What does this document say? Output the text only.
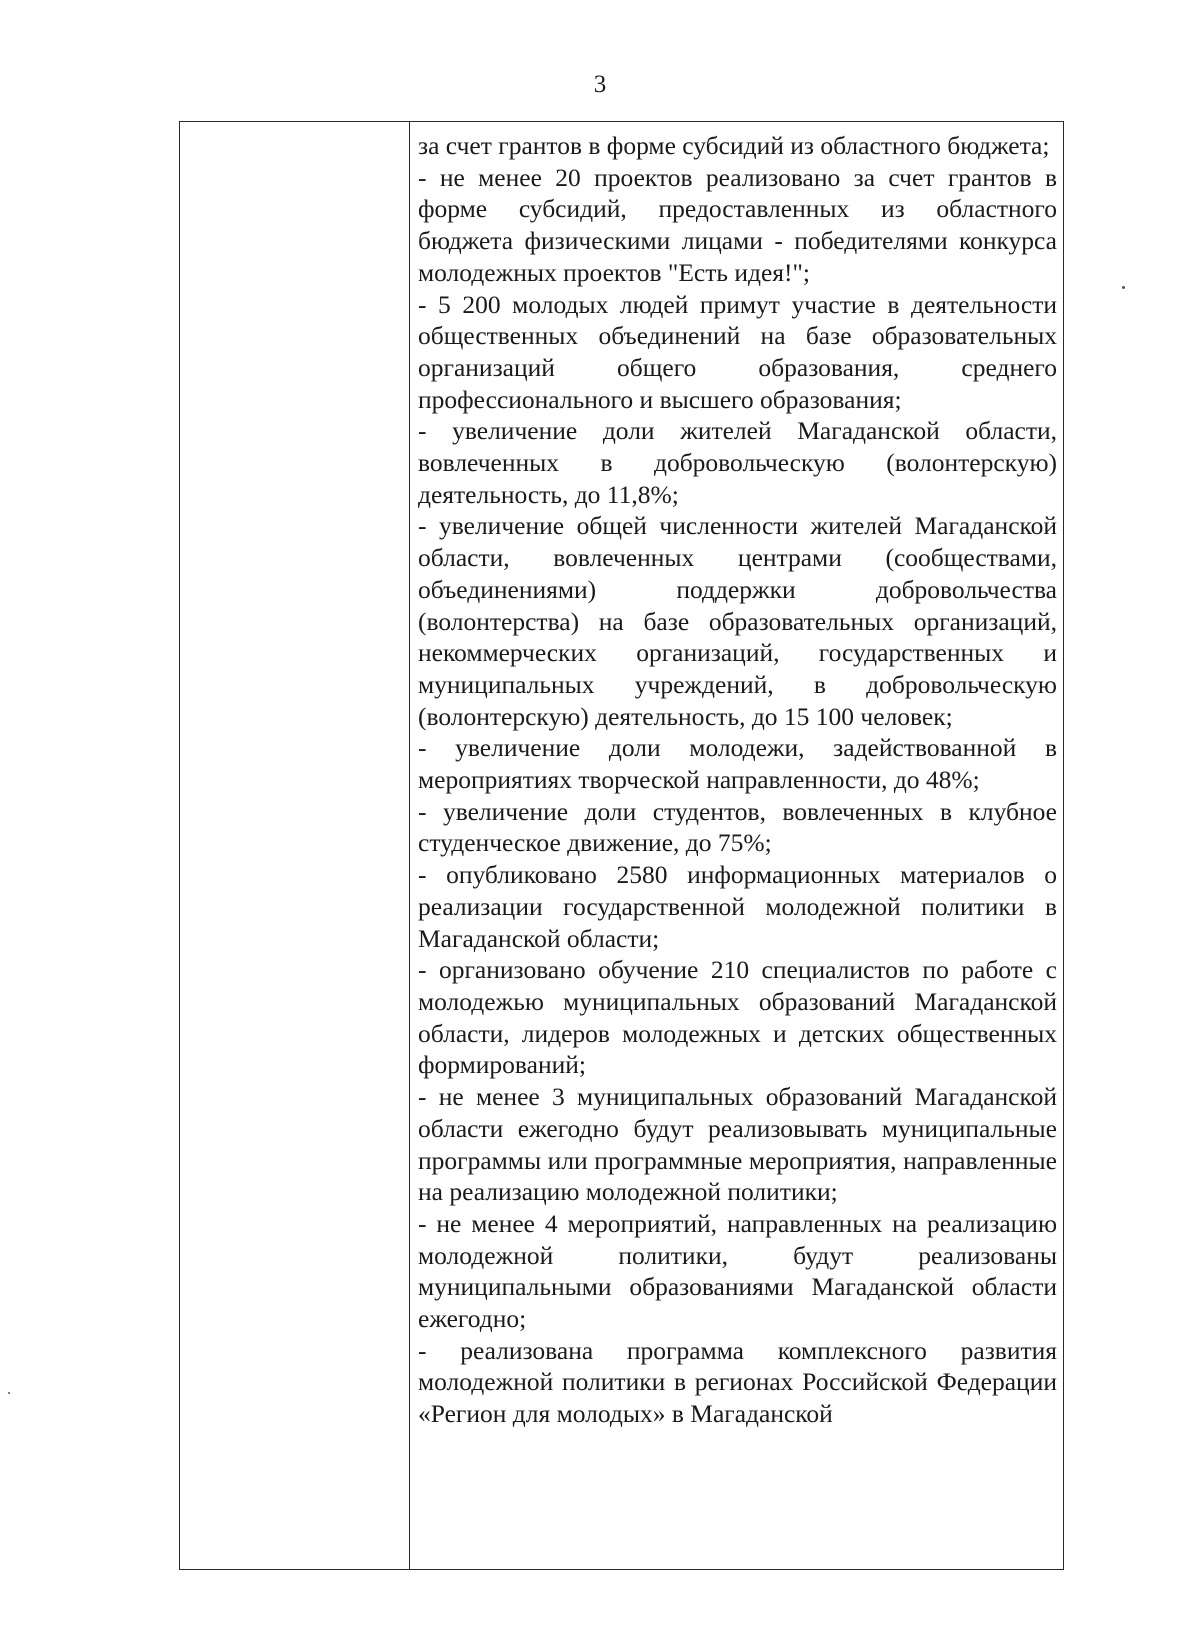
3

за счет грантов в форме субсидий из областного бюджета;

- не менее 20 проектов реализовано за счет грантов в форме субсидий, предоставленных из областного бюджета физическими лицами - победителями конкурса молодежных проектов "Есть идея!";

- 5 200 молодых людей примут участие в деятельности общественных объединений на базе образовательных организаций общего образования, среднего профессионального и высшего образования;

- увеличение доли жителей Магаданской области, вовлеченных в добровольческую (волонтерскую) деятельность, до 11,8%;

- увеличение общей численности жителей Магаданской области, вовлеченных центрами (сообществами, объединениями) поддержки добровольчества (волонтерства) на базе образовательных организаций, некоммерческих организаций, государственных и муниципальных учреждений, в добровольческую (волонтерскую) деятельность, до 15 100 человек;

- увеличение доли молодежи, задействованной в мероприятиях творческой направленности, до 48%;

- увеличение доли студентов, вовлеченных в клубное студенческое движение, до 75%;

- опубликовано 2580 информационных материалов о реализации государственной молодежной политики в Магаданской области;

- организовано обучение 210 специалистов по работе с молодежью муниципальных образований Магаданской области, лидеров молодежных и детских общественных формирований;

- не менее 3 муниципальных образований Магаданской области ежегодно будут реализовывать муниципальные программы или программные мероприятия, направленные на реализацию молодежной политики;

- не менее 4 мероприятий, направленных на реализацию молодежной политики, будут реализованы муниципальными образованиями Магаданской области ежегодно;

- реализована программа комплексного развития молодежной политики в регионах Российской Федерации «Регион для молодых» в Магаданской
